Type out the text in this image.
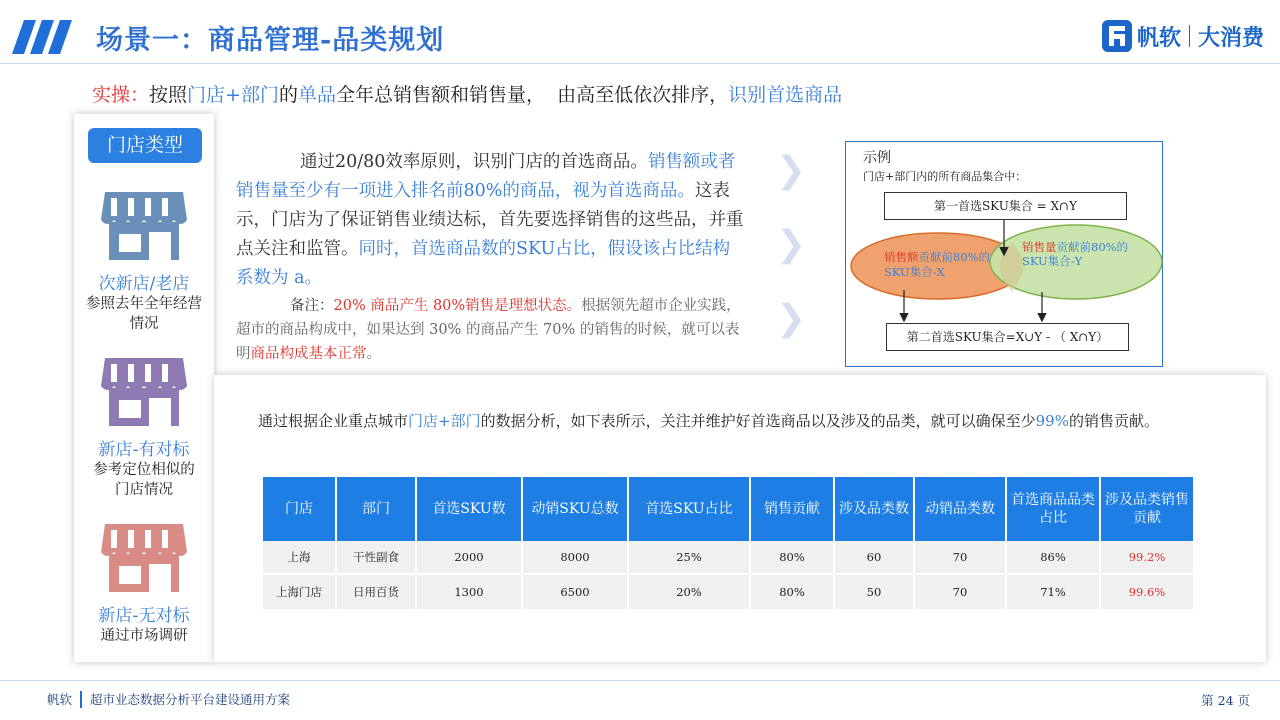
场景一：商品管理-品类规划	帆软 大消费
实操：按照门店+部门的单品全年总销售额和销售量，  由高至低依次排序，识别首选商品
门店类型
次新店/老店
参照去年全年经营情况
新店-有对标
参考定位相似的门店情况
新店-无对标
通过市场调研

通过20/80效率原则，识别门店的首选商品。销售额或者销售量至少有一项进入排名前80%的商品，视为首选商品。这表示，门店为了保证销售业绩达标，首先要选择销售的这些品，并重点关注和监管。同时，首选商品数的SKU占比，假设该占比结构系数为 a。

备注：20% 商品产生 80%销售是理想状态。根据领先超市企业实践，超市的商品构成中，如果达到 30% 的商品产生 70% 的销售的时候，就可以表明商品构成基本正常。

❯
❯
❯
示例
门店+部门内的所有商品集合中：
第一首选SKU集合 = X∩Y
销售额贡献前80%的SKU集合-X
销售量贡献前80%的SKU集合-Y
第二首选SKU集合=X∪Y - （ X∩Y）
通过根据企业重点城市门店+部门的数据分析，如下表所示，关注并维护好首选商品以及涉及的品类，就可以确保至少99%的销售贡献。
门店	部门	首选SKU数	动销SKU总数	首选SKU占比	销售贡献	涉及品类数	动销品类数	首选商品品类占比	涉及品类销售贡献
上海	干性副食	2000	8000	25%	80%	60	70	86%	99.2%
上海门店	日用百货	1300	6500	20%	80%	50	70	71%	99.6%
帆软 超市业态数据分析平台建设通用方案	第 24 页
